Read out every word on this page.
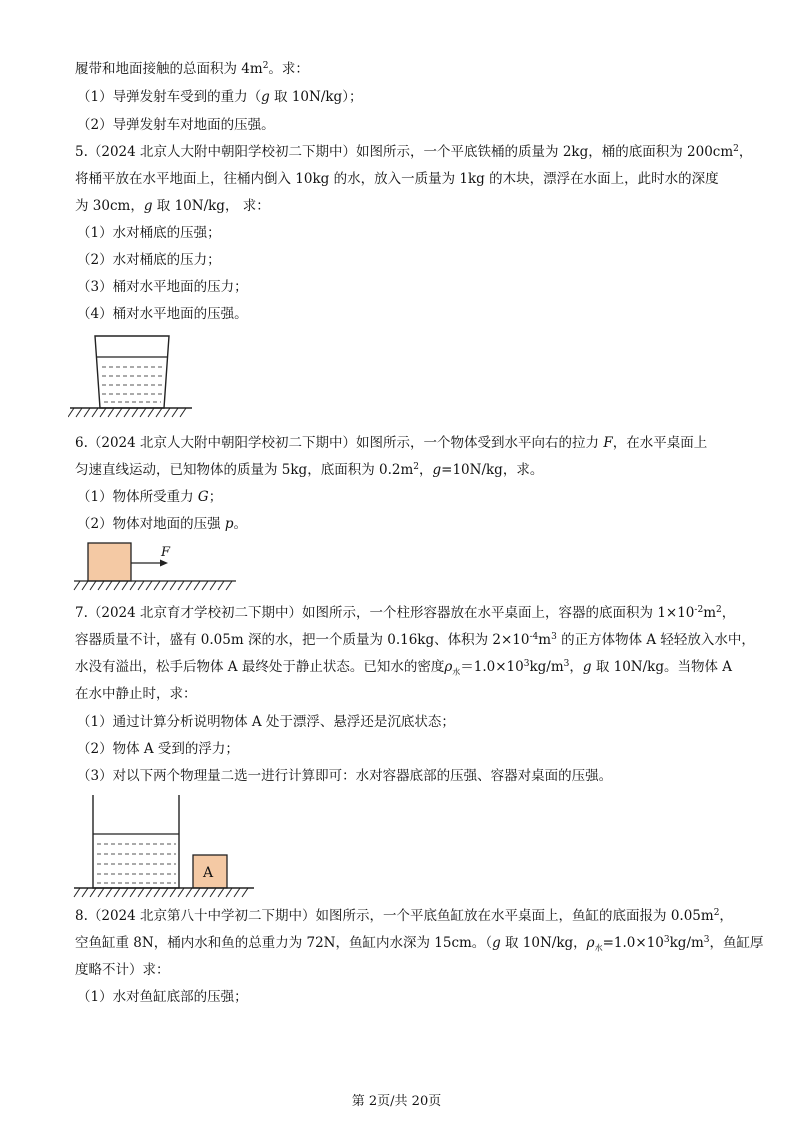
履带和地面接触的总面积为 $4m^2$。求：
（1）导弹发射车受到的重力（g 取 10N/kg）；
（2）导弹发射车对地面的压强。
5.（2024 北京人大附中朝阳学校初二下期中）如图所示，一个平底铁桶的质量为 2kg，桶的底面积为 $200cm^2$，
将桶平放在水平地面上，往桶内倒入 10kg 的水，放入一质量为 1kg 的木块，漂浮在水面上，此时水的深度
为 30cm，g 取 10N/kg， 求：
（1）水对桶底的压强；
（2）水对桶底的压力；
（3）桶对水平地面的压力；
（4）桶对水平地面的压强。
6.（2024 北京人大附中朝阳学校初二下期中）如图所示，一个物体受到水平向右的拉力 F，在水平桌面上
匀速直线运动，已知物体的质量为 5kg，底面积为 $0.2m^2$，g=10N/kg，求。
（1）物体所受重力 G；
（2）物体对地面的压强 p。
F
7.（2024 北京育才学校初二下期中）如图所示，一个柱形容器放在水平桌面上，容器的底面积为 $1\times 10^{-2}m^2$，
容器质量不计，盛有 0.05m 深的水，把一个质量为 0.16kg、体积为 $2\times 10^{-4}m^3$ 的正方体物体 A 轻轻放入水中，
水没有溢出，松手后物体 A 最终处于静止状态。已知水的密度$\rho_水=1.0\times 10^3kg/m^3$，g 取 10N/kg。当物体 A
在水中静止时，求：
（1）通过计算分析说明物体 A 处于漂浮、悬浮还是沉底状态；
（2）物体 A 受到的浮力；
（3）对以下两个物理量二选一进行计算即可：水对容器底部的压强、容器对桌面的压强。
A
8.（2024 北京第八十中学初二下期中）如图所示，一个平底鱼缸放在水平桌面上，鱼缸的底面报为 $0.05m^2$，
空鱼缸重 8N，桶内水和鱼的总重力为 72N，鱼缸内水深为 15cm。（g 取 10N/kg，$\rho_水=1.0\times 10^3kg/m^3$，鱼缸厚
度略不计）求：
（1）水对鱼缸底部的压强；
第 2页/共 20页
